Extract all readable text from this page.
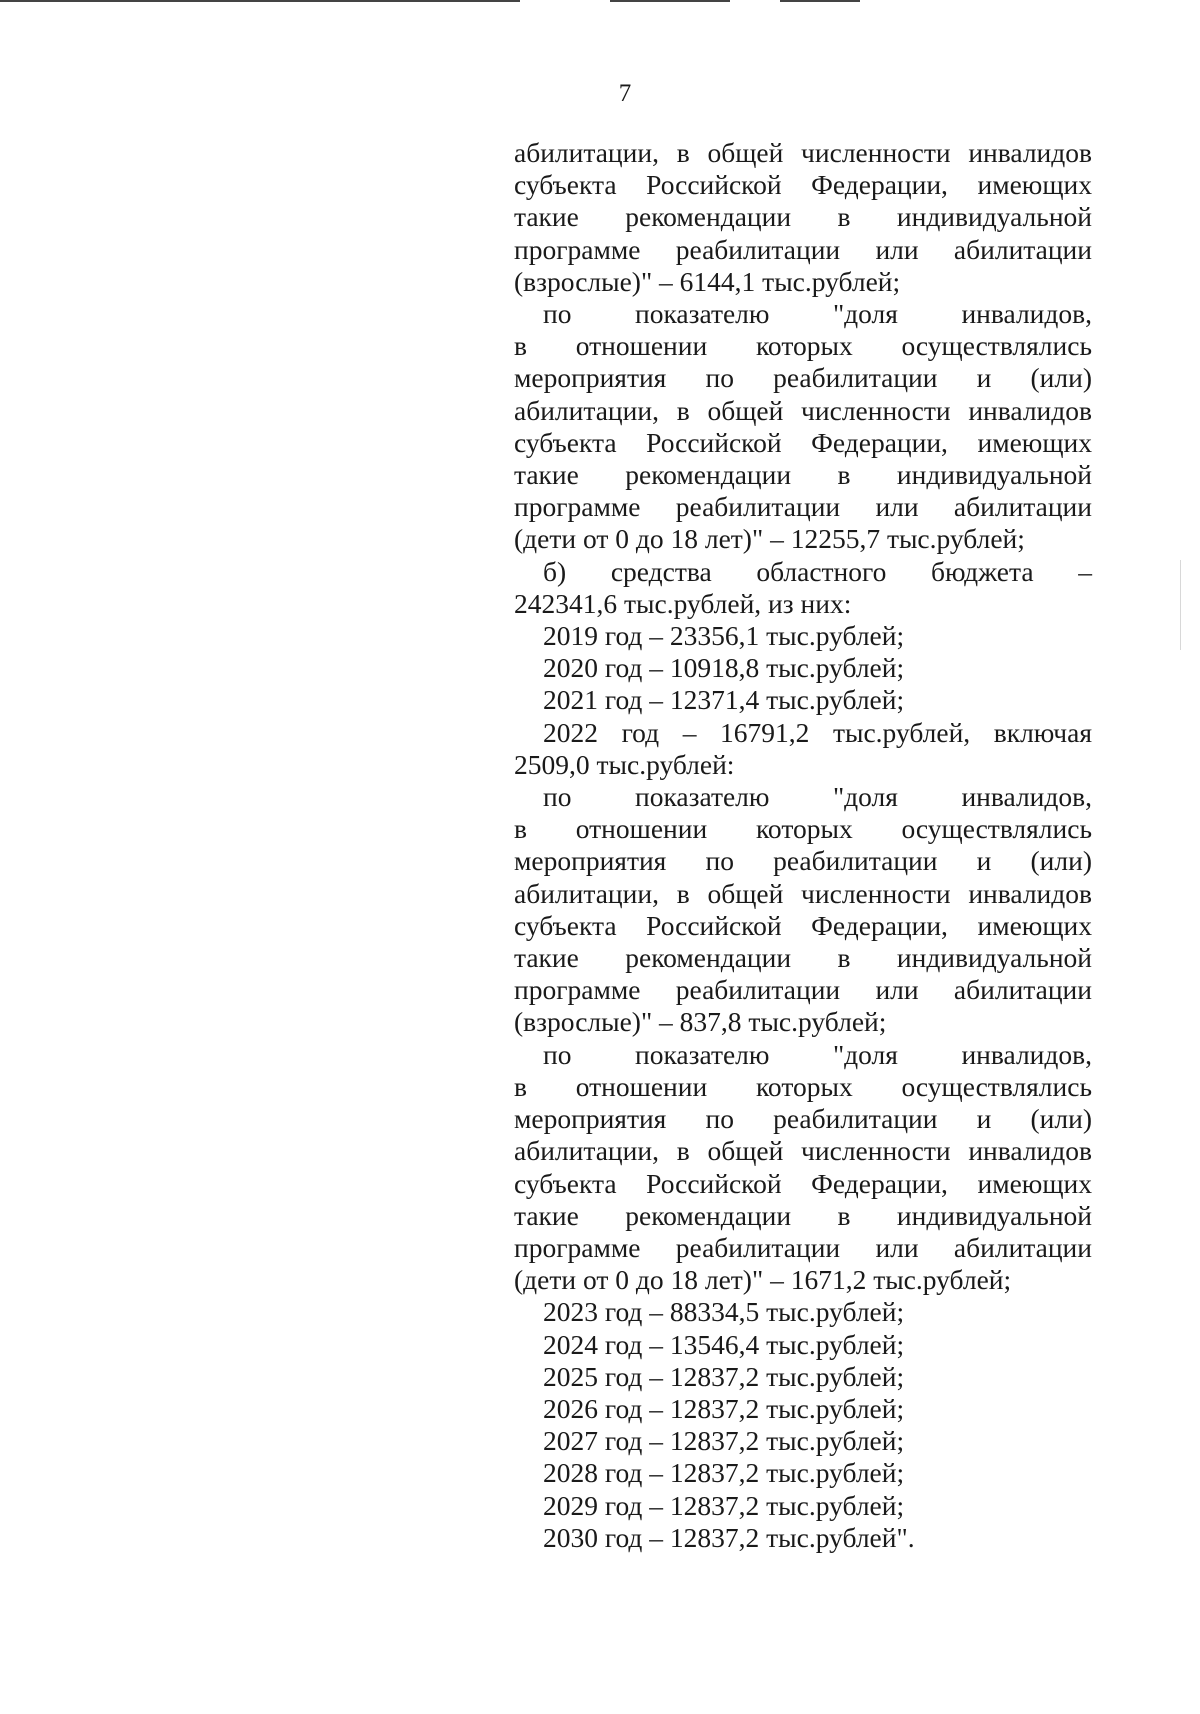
7
абилитации, в общей численности инвалидов
субъекта Российской Федерации, имеющих
такие рекомендации в индивидуальной
программе реабилитации или абилитации
(взрослые)" – 6144,1 тыс.рублей;
по показателю "доля инвалидов,
в отношении которых осуществлялись
мероприятия по реабилитации и (или)
абилитации, в общей численности инвалидов
субъекта Российской Федерации, имеющих
такие рекомендации в индивидуальной
программе реабилитации или абилитации
(дети от 0 до 18 лет)" – 12255,7 тыс.рублей;
б) средства областного бюджета –
242341,6 тыс.рублей, из них:
2019 год – 23356,1 тыс.рублей;
2020 год – 10918,8 тыс.рублей;
2021 год – 12371,4 тыс.рублей;
2022 год – 16791,2 тыс.рублей, включая
2509,0 тыс.рублей:
по показателю "доля инвалидов,
в отношении которых осуществлялись
мероприятия по реабилитации и (или)
абилитации, в общей численности инвалидов
субъекта Российской Федерации, имеющих
такие рекомендации в индивидуальной
программе реабилитации или абилитации
(взрослые)" – 837,8 тыс.рублей;
по показателю "доля инвалидов,
в отношении которых осуществлялись
мероприятия по реабилитации и (или)
абилитации, в общей численности инвалидов
субъекта Российской Федерации, имеющих
такие рекомендации в индивидуальной
программе реабилитации или абилитации
(дети от 0 до 18 лет)" – 1671,2 тыс.рублей;
2023 год – 88334,5 тыс.рублей;
2024 год – 13546,4 тыс.рублей;
2025 год – 12837,2 тыс.рублей;
2026 год – 12837,2 тыс.рублей;
2027 год – 12837,2 тыс.рублей;
2028 год – 12837,2 тыс.рублей;
2029 год – 12837,2 тыс.рублей;
2030 год – 12837,2 тыс.рублей".
